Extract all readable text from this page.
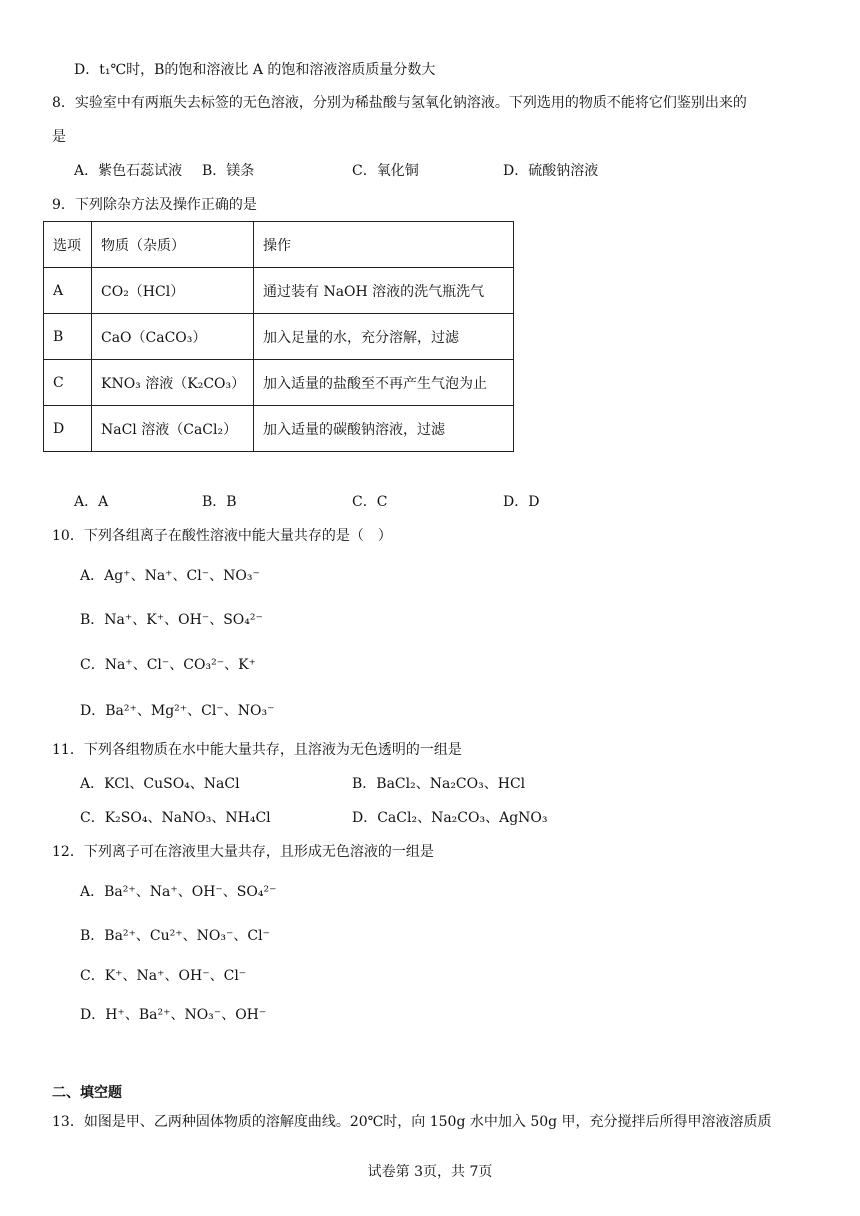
D．t₁℃时，B的饱和溶液比 A 的饱和溶液溶质质量分数大
8．实验室中有两瓶失去标签的无色溶液，分别为稀盐酸与氢氧化钠溶液。下列选用的物质不能将它们鉴别出来的
是
A．紫色石蕊试液 B．镁条	C．氧化铜	D．硫酸钠溶液
9．下列除杂方法及操作正确的是
选项	物质（杂质）	操作
A	CO₂（HCl）	通过装有 NaOH 溶液的洗气瓶洗气
B	CaO（CaCO₃）	加入足量的水，充分溶解，过滤
C	KNO₃ 溶液（K₂CO₃）	加入适量的盐酸至不再产生气泡为止
D	NaCl 溶液（CaCl₂）	加入适量的碳酸钠溶液，过滤
A．A	B．B	C．C	D．D
10．下列各组离子在酸性溶液中能大量共存的是（　）
A．Ag⁺、Na⁺、Cl⁻、NO₃⁻
B．Na⁺、K⁺、OH⁻、SO₄²⁻
C．Na⁺、Cl⁻、CO₃²⁻、K⁺
D．Ba²⁺、Mg²⁺、Cl⁻、NO₃⁻
11．下列各组物质在水中能大量共存，且溶液为无色透明的一组是
A．KCl、CuSO₄、NaCl	B．BaCl₂、Na₂CO₃、HCl
C．K₂SO₄、NaNO₃、NH₄Cl	D．CaCl₂、Na₂CO₃、AgNO₃
12．下列离子可在溶液里大量共存，且形成无色溶液的一组是
A．Ba²⁺、Na⁺、OH⁻、SO₄²⁻
B．Ba²⁺、Cu²⁺、NO₃⁻、Cl⁻
C．K⁺、Na⁺、OH⁻、Cl⁻
D．H⁺、Ba²⁺、NO₃⁻、OH⁻
二、填空题
13．如图是甲、乙两种固体物质的溶解度曲线。20℃时，向 150g 水中加入 50g 甲，充分搅拌后所得甲溶液溶质质
试卷第 3页，共 7页
